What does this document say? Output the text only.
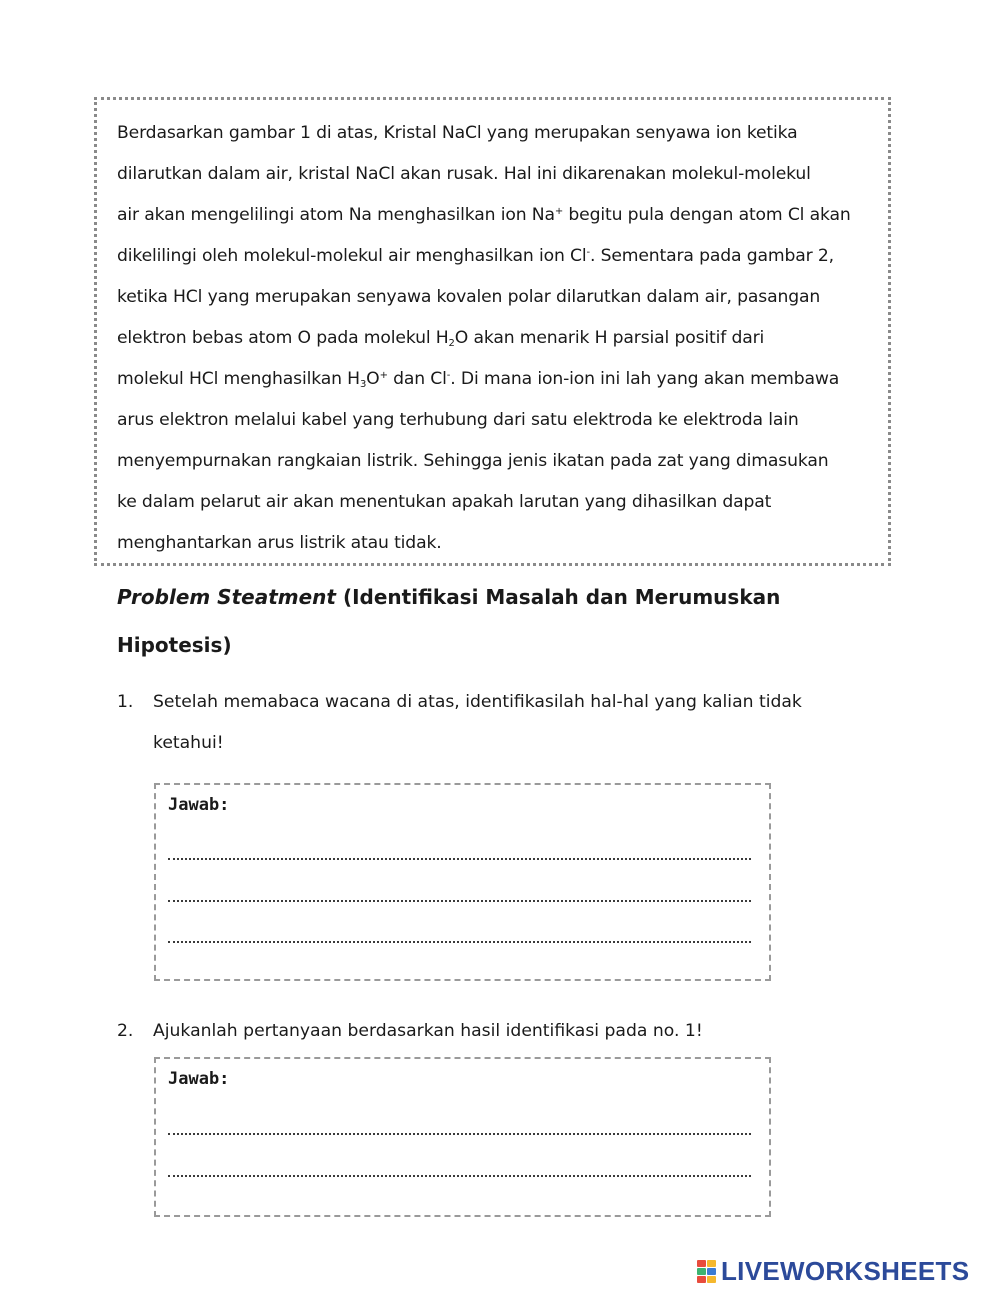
Berdasarkan gambar 1 di atas, Kristal NaCl yang merupakan senyawa ion ketika
dilarutkan dalam air, kristal NaCl akan rusak. Hal ini dikarenakan molekul-molekul
air akan mengelilingi atom Na menghasilkan ion Na+ begitu pula dengan atom Cl akan
dikelilingi oleh molekul-molekul air menghasilkan ion Cl-. Sementara pada gambar 2,
ketika HCl yang merupakan senyawa kovalen polar dilarutkan dalam air, pasangan
elektron bebas atom O pada molekul $H_2O$ akan menarik H parsial positif dari
molekul HCl menghasilkan $H_3O^+$ dan Cl-. Di mana ion-ion ini lah yang akan membawa
arus elektron melalui kabel yang terhubung dari satu elektroda ke elektroda lain
menyempurnakan rangkaian listrik. Sehingga jenis ikatan pada zat yang dimasukan
ke dalam pelarut air akan menentukan apakah larutan yang dihasilkan dapat
menghantarkan arus listrik atau tidak.
Problem Steatment (Identifikasi Masalah dan Merumuskan
Hipotesis)
1. Setelah memabaca wacana di atas, identifikasilah hal-hal yang kalian tidak
ketahui!
Jawab:
2. Ajukanlah pertanyaan berdasarkan hasil identifikasi pada no. 1!
Jawab:
LIVEWORKSHEETS
